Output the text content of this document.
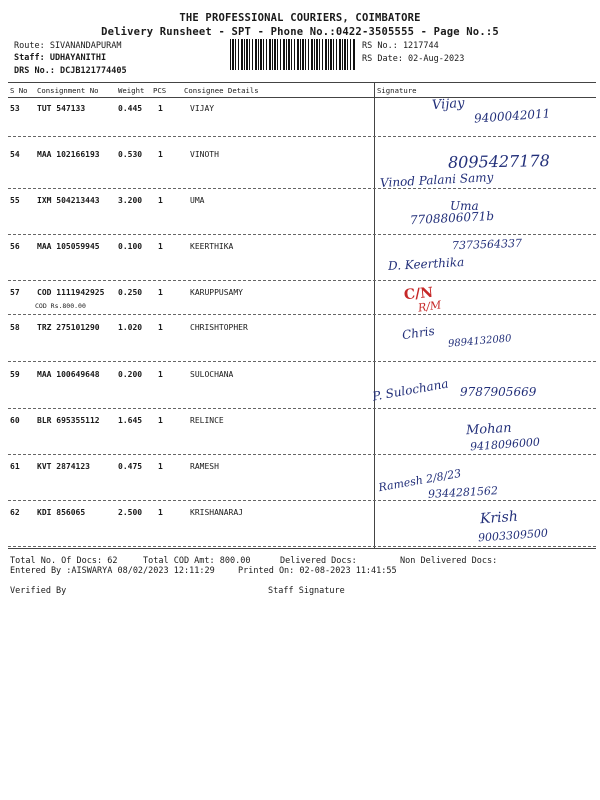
THE PROFESSIONAL COURIERS, COIMBATORE
Delivery Runsheet - SPT - Phone No.:0422-3505555 - Page No.:5
Route: SIVANANDAPURAM
Staff: UDHAYANITHI
DRS No.: DCJB121774405
RS No.: 1217744
RS Date: 02-Aug-2023
S No Consignment No	Weight PCS Consignee Details	Signature
53 TUT 547133	0.445 1	VIJAY	Vijay
9400042011
54 MAA 102166193 0.530 1	VINOTH	8095427178
Vinod Palani Samy
55 IXM 504213443 3.200 1	UMA	Uma
7708806071b
56 MAA 105059945 0.100 1	KEERTHIKA	7373564337
D. Keerthika
57 COD 1111942925 0.250 1	KARUPPUSAMY
COD Rs.800.00
C/N
R/M
58 TRZ 275101290 1.020 1	CHRISHTOPHER	Chris 9894132080
59 MAA 100649648 0.200 1	SULOCHANA
P. Sulochana 9787905669
60 BLR 695355112 1.645 1	RELINCE
Mohan
9418096000
61 KVT 2874123	0.475 1	RAMESH
Ramesh 2/8/23
9344281562
62 KDI 856065	2.500 1	KRISHANARAJ	Krish
9003309500
Total No. Of Docs: 62	Total COD Amt: 800.00	Delivered Docs:	Non Delivered Docs:
Entered By :AISWARYA 08/02/2023 12:11:29	Printed On: 02-08-2023 11:41:55
Verified By	Staff Signature
